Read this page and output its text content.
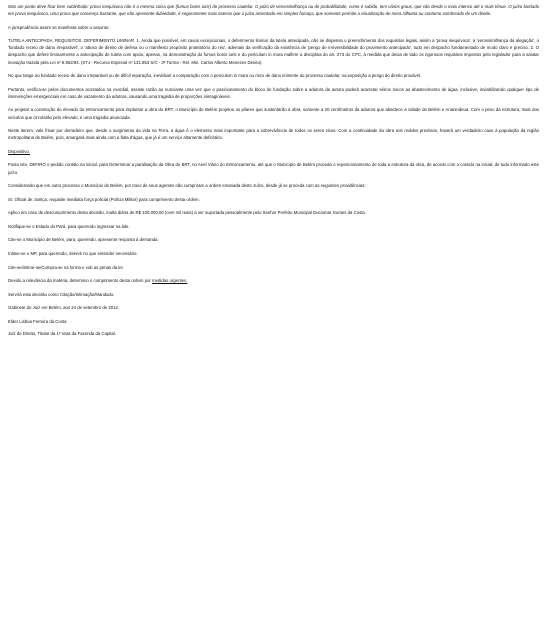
Mas um ponto deve ficar bem sublinhado: prova inequívoca não é a mesma coisa que (fumus bonis iuris) do processo cautelar. O juízo de verossimilhança ou de probabilidade, como é sabido, tem vários graus, que vão desde o mais intenso até o mais tênue. O juízo fundado em prova inequívoca, uma prova que convença bastante, que não apresente dubiedade, é seguramente mais intenso que o juízo assentado em simples fumaça, que somente permite a visualização de mera silhueta ou contorno sombreado de um direito.

A jurisprudência assim se manifesta sobre o assunto:

TUTELA ANTECIPADA. REQUISITOS. DEFERIMENTO LIMINAR. 1. Ainda que possível, em casos excepcionais, o deferimento liminar da tutela antecipada, não se dispensa o preenchimento dos requisitos legais, assim a 'prova inequívoca', a 'verossimilhança da alegação', o 'fundado receio de dano irreparável', o 'abuso de direito de defesa ou o manifesto propósito protelatório do réu', ademais da verificação da existência de 'perigo de irreversibilidade do provimento antecipado', tudo em despacho fundamentado de modo claro e preciso. 2. O despacho que defere liminarmente a antecipação de tutela com apoio, apenas, na demonstração do fumus bonis iuris e do periculum in mora malfere a disciplina do art. 273 do CPC, à medida que deixa de lado os rigorosos requisitos impostos pelo legislador para a salutar inovação trazida pela Lei nº 8.952/94. (STJ - Recurso Especial nº 131.853 S/C - 3ª Turma - Rel. Min. Carlos Alberto Menezes Direito).

No que tange ao fundado receio de dano irreparável ou de difícil reparação, inevitável a comparação com o periculum in mora ou risco de dano iminente do processo cautelar, na exposição a perigo do direito provável.

Portanto, verifica-se pelos documentos acostados na exordial, assiste razão ao nunciante uma vez que o posicionamento do bloco de fundação sobre a adutora da autora poderá acarretar sérios riscos ao abastecimento de água, inclusive, inviabilizando qualquer tipo de intervenções emergenciais em caso de vazamento da adutora, causando uma tragédia de proporções inimagináveis.

Ao projetar a construção do elevado do entroncamento para implantar a obra do BRT, o Município de Belém projetou os pilares que sustentarão a obra, somente a 20 centímetros da adutora que abastece a cidade de Belém e Ananindeua. Com o peso da estrutura, mais dos veículos que circularão pelo elevado, é uma tragédia anunciada.

Neste iterem, vale frisar por derradeiro que, desde o surgimento da vida na Terra, a água é o elemento mais importante para a sobrevivência de todos os seres vivos. Com a continuidade da obra nos moldes previstos, haverá um verdadeiro caos à população da região metropolitana de Belém, pois, amargará mais ainda com a falta d'água, que já é um serviço altamente deficitário.

Dispositivo.

Posto isto, DEFIRO o pedido contido na inicial, para Determinar a paralisação da Obra do BRT, no Anel Viário do Entroncamento, até que o Município de Belém proceda o reposicionamento de toda a estrutura da obra, de acordo com o contido na inicial, de tudo informado este juízo.

Considerando que em outro processo o Município de Belém, por meio de seus agentes não cumpriram a ordem emanada deste Juízo, desde já se proceda com as seguintes providências:

Sr. Oficial de Justiça, requisite imediata força policial (Polícia Militar) para cumprimento desta ordem.

Aplico em caso de descumprimento desta decisão, multa diária de R$ 100.000,00 (cem mil reais) a ser suportada pessoalmente pelo Senhor Prefeito Municipal Duciomar Gomes da Costa.

Notifique-se o Estado do Pará, para querendo ingressar na lide.

Cite-se o Município de Belém, para, querendo, apresente resposta à demanda.

Intime-se o MP, para querendo, intervir no que entender necessário.

Cite-se/intime-se/Cumpra-se na forma e sob as penas da lei.

Devido a relevância da matéria, determino o cumprimento desta ordem por medidas urgentes.

Servirá esta decisão como Citação/Intimação/Mandado.

Gabinete do Juiz em Belém, aos 24 de setembro de 2012.

Elder Lisboa Ferreira da Costa

Juiz de Direito, Titular da 1ª Vara da Fazenda da Capital.
